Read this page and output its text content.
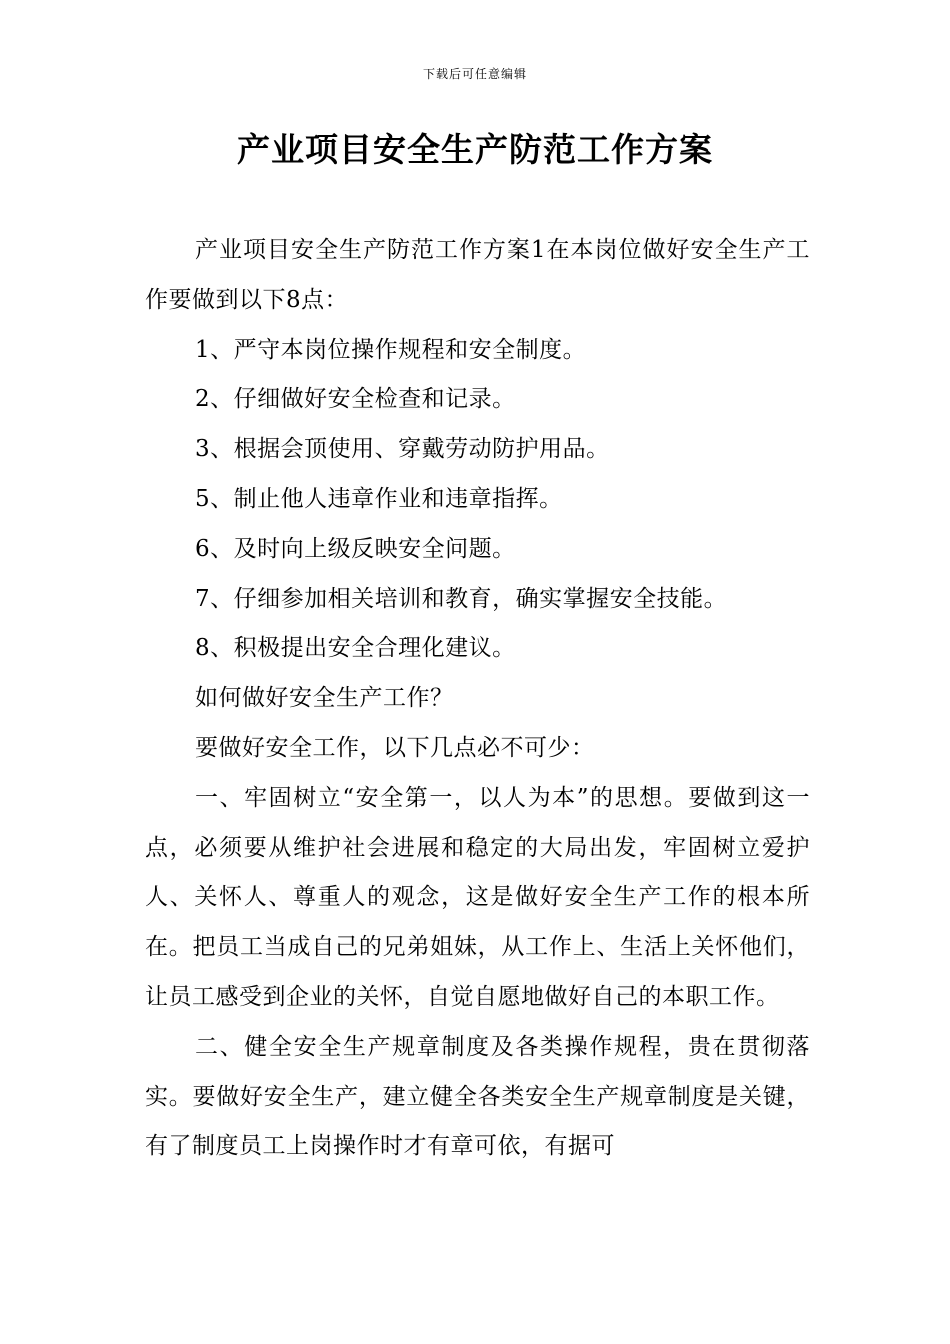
下载后可任意编辑
产业项目安全生产防范工作方案

产业项目安全生产防范工作方案1在本岗位做好安全生产工作要做到以下8点：

1、严守本岗位操作规程和安全制度。

2、仔细做好安全检查和记录。

3、根据会顶使用、穿戴劳动防护用品。

5、制止他人违章作业和违章指挥。

6、及时向上级反映安全问题。

7、仔细参加相关培训和教育，确实掌握安全技能。

8、积极提出安全合理化建议。

如何做好安全生产工作？

要做好安全工作，以下几点必不可少：

一、牢固树立“安全第一，以人为本”的思想。要做到这一点，必须要从维护社会进展和稳定的大局出发，牢固树立爱护人、关怀人、尊重人的观念，这是做好安全生产工作的根本所在。把员工当成自己的兄弟姐妹，从工作上、生活上关怀他们，让员工感受到企业的关怀，自觉自愿地做好自己的本职工作。

二、健全安全生产规章制度及各类操作规程，贵在贯彻落实。要做好安全生产，建立健全各类安全生产规章制度是关键，有了制度员工上岗操作时才有章可依，有据可
